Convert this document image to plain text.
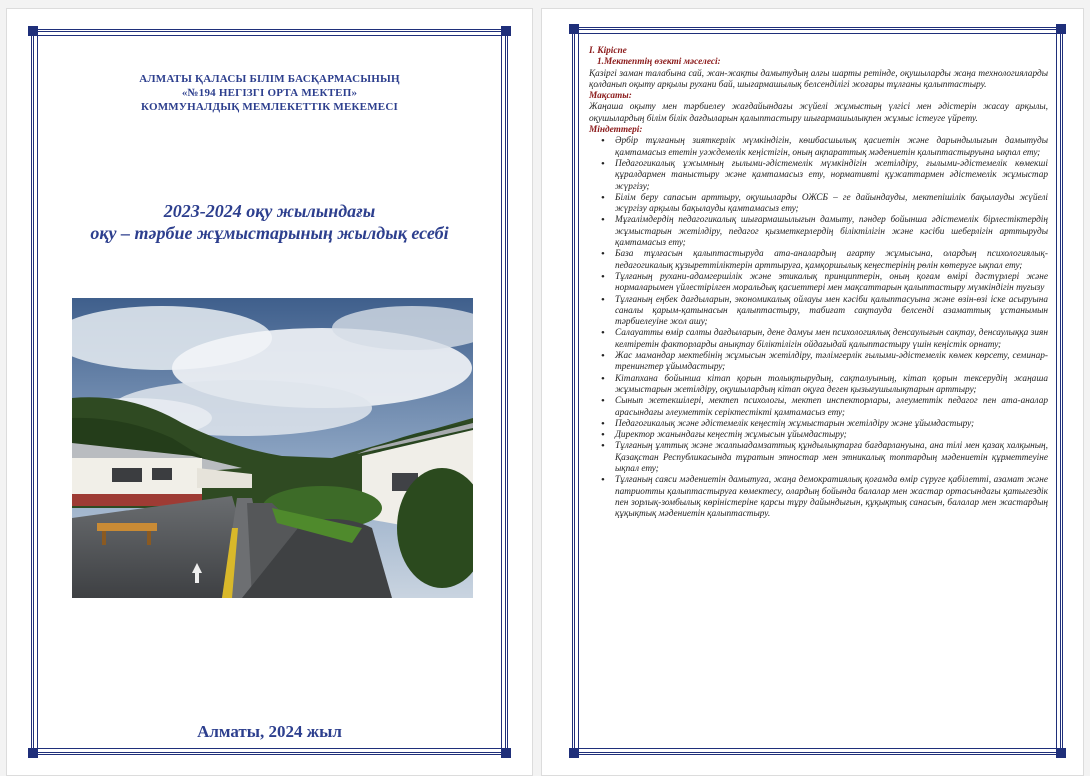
АЛМАТЫ ҚАЛАСЫ БІЛІМ БАСҚАРМАСЫНЫҢ
«№194 НЕГІЗГІ ОРТА МЕКТЕП»
КОММУНАЛДЫҚ МЕМЛЕКЕТТІК МЕКЕМЕСІ
2023-2024 оқу жылындағы
оқу – тәрбие жұмыстарының жылдық есебі
Алматы, 2024 жыл
І. Кіріспе
1.Мектептің өзекті мәселесі:
Қазіргі заман талабына сай, жан-жақты дамытудың алғы шарты ретінде, оқушыларды жаңа технологияларды қолданып оқыту арқылы рухани бай, шығармашылық белсенділігі жоғары тұлғаны қалыптастыру.
Мақсаты:
Жаңаша оқыту мен тәрбиелеу жағдайындағы жүйелі жұмыстың үлгісі мен әдістерін жасау арқылы, оқушылардың білім білік дағдыларын қалыптастыру шығармашылықпен жұмыс істеуге үйрету.
Міндеттері:
• Әрбір тұлғаның зияткерлік мүмкіндігін, көшбасшылық қасиетін және дарындылығын дамытуды қамтамасыз ететін уәждемелік кеңістігін, оның ақпараттық мәдениетін қалыптастыруына ықпал ету;
• Педагогикалық ұжымның ғылыми-әдістемелік мүмкіндігін жетілдіру, ғылыми-әдістемелік көмекші құралдармен таныстыру және қамтамасыз ету, нормативті құжаттармен әдістемелік жұмыстар жүргізу;
• Білім беру сапасын арттыру, оқушыларды ОЖСБ – ге дайындауды, мектепішілік бақылауды жүйелі жүргізу арқылы бақылауды қамтамасыз ету;
• Мұғалімдердің педагогикалық шығармашылығын дамыту, пәндер бойынша әдістемелік бірлестіктердің жұмыстарын жетілдіру, педагог қызметкерлердің біліктілігін және кәсіби шеберлігін арттыруды қамтамасыз ету;
• База тұлғасын қалыптастыруда ата-аналардың ағарту жұмысына, олардың психологиялық-педагогикалық құзыреттіліктерін арттыруға, қамқоршылық кеңестерінің рөлін көтеруге ықпал ету;
• Тұлғаның рухани-адамгершілік және этикалық принциптерін, оның қоғам өмірі дәстүрлері және нормаларымен үйлестірілген моральдық қасиеттері мен мақсаттарын қалыптастыру мүмкіндігін туғызу
• Тұлғаның еңбек дағдыларын, экономикалық ойлауы мен кәсіби қалыптасуына және өзін-өзі іске асыруына саналы қарым-қатынасын қалыптастыру, табиғат сақтауда белсенді азаматтық ұстанымын тәрбиелеуіне жол ашу;
• Салауатты өмір салты дағдыларын, дене дамуы мен психологиялық денсаулығын сақтау, денсаулыққа зиян келтіретін факторларды анықтау біліктілігін ойдағыдай қалыптастыру үшін кеңістік орнату;
• Жас мамандар мектебінің жұмысын жетілдіру, тәлімгерлік ғылыми-әдістемелік көмек көрсету, семинар-тренингтер ұйымдастыру;
• Кітапхана бойынша кітап қорын толықтырудың, сақталуының, кітап қорын тексерудің жаңаша жұмыстарын жетілдіру, оқушылардың кітап оқуға деген қызығушылықтарын арттыру;
• Сынып жетекшілері, мектеп психологы, мектеп инспекторлары, әлеуметтік педагог пен ата-аналар арасындағы әлеуметтік серіктестікті қамтамасыз ету;
• Педагогикалық және әдістемелік кеңестің жұмыстарын жетілдіру және ұйымдастыру;
• Директор жанындағы кеңестің жұмысын ұйымдастыру;
• Тұлғаның ұлттық және жалпыадамзаттық құндылықтарға бағдарлануына, ана тілі мен қазақ халқының, Қазақстан Республикасында тұратын этностар мен этникалық топтардың мәдениетін құрметтеуіне ықпал ету;
• Тұлғаның саяси мәдениетін дамытуға, жаңа демократиялық қоғамда өмір сүруге қабілетті, азамат және патриотты қалыптастыруға көмектесу, олардың бойында балалар мен жастар ортасындағы қатыгездік пен зорлық-зомбылық көріністеріне қарсы тұру дайындығын, құқықтық санасын, балалар мен жастардың құқықтық мәдениетін қалыптастыру.
